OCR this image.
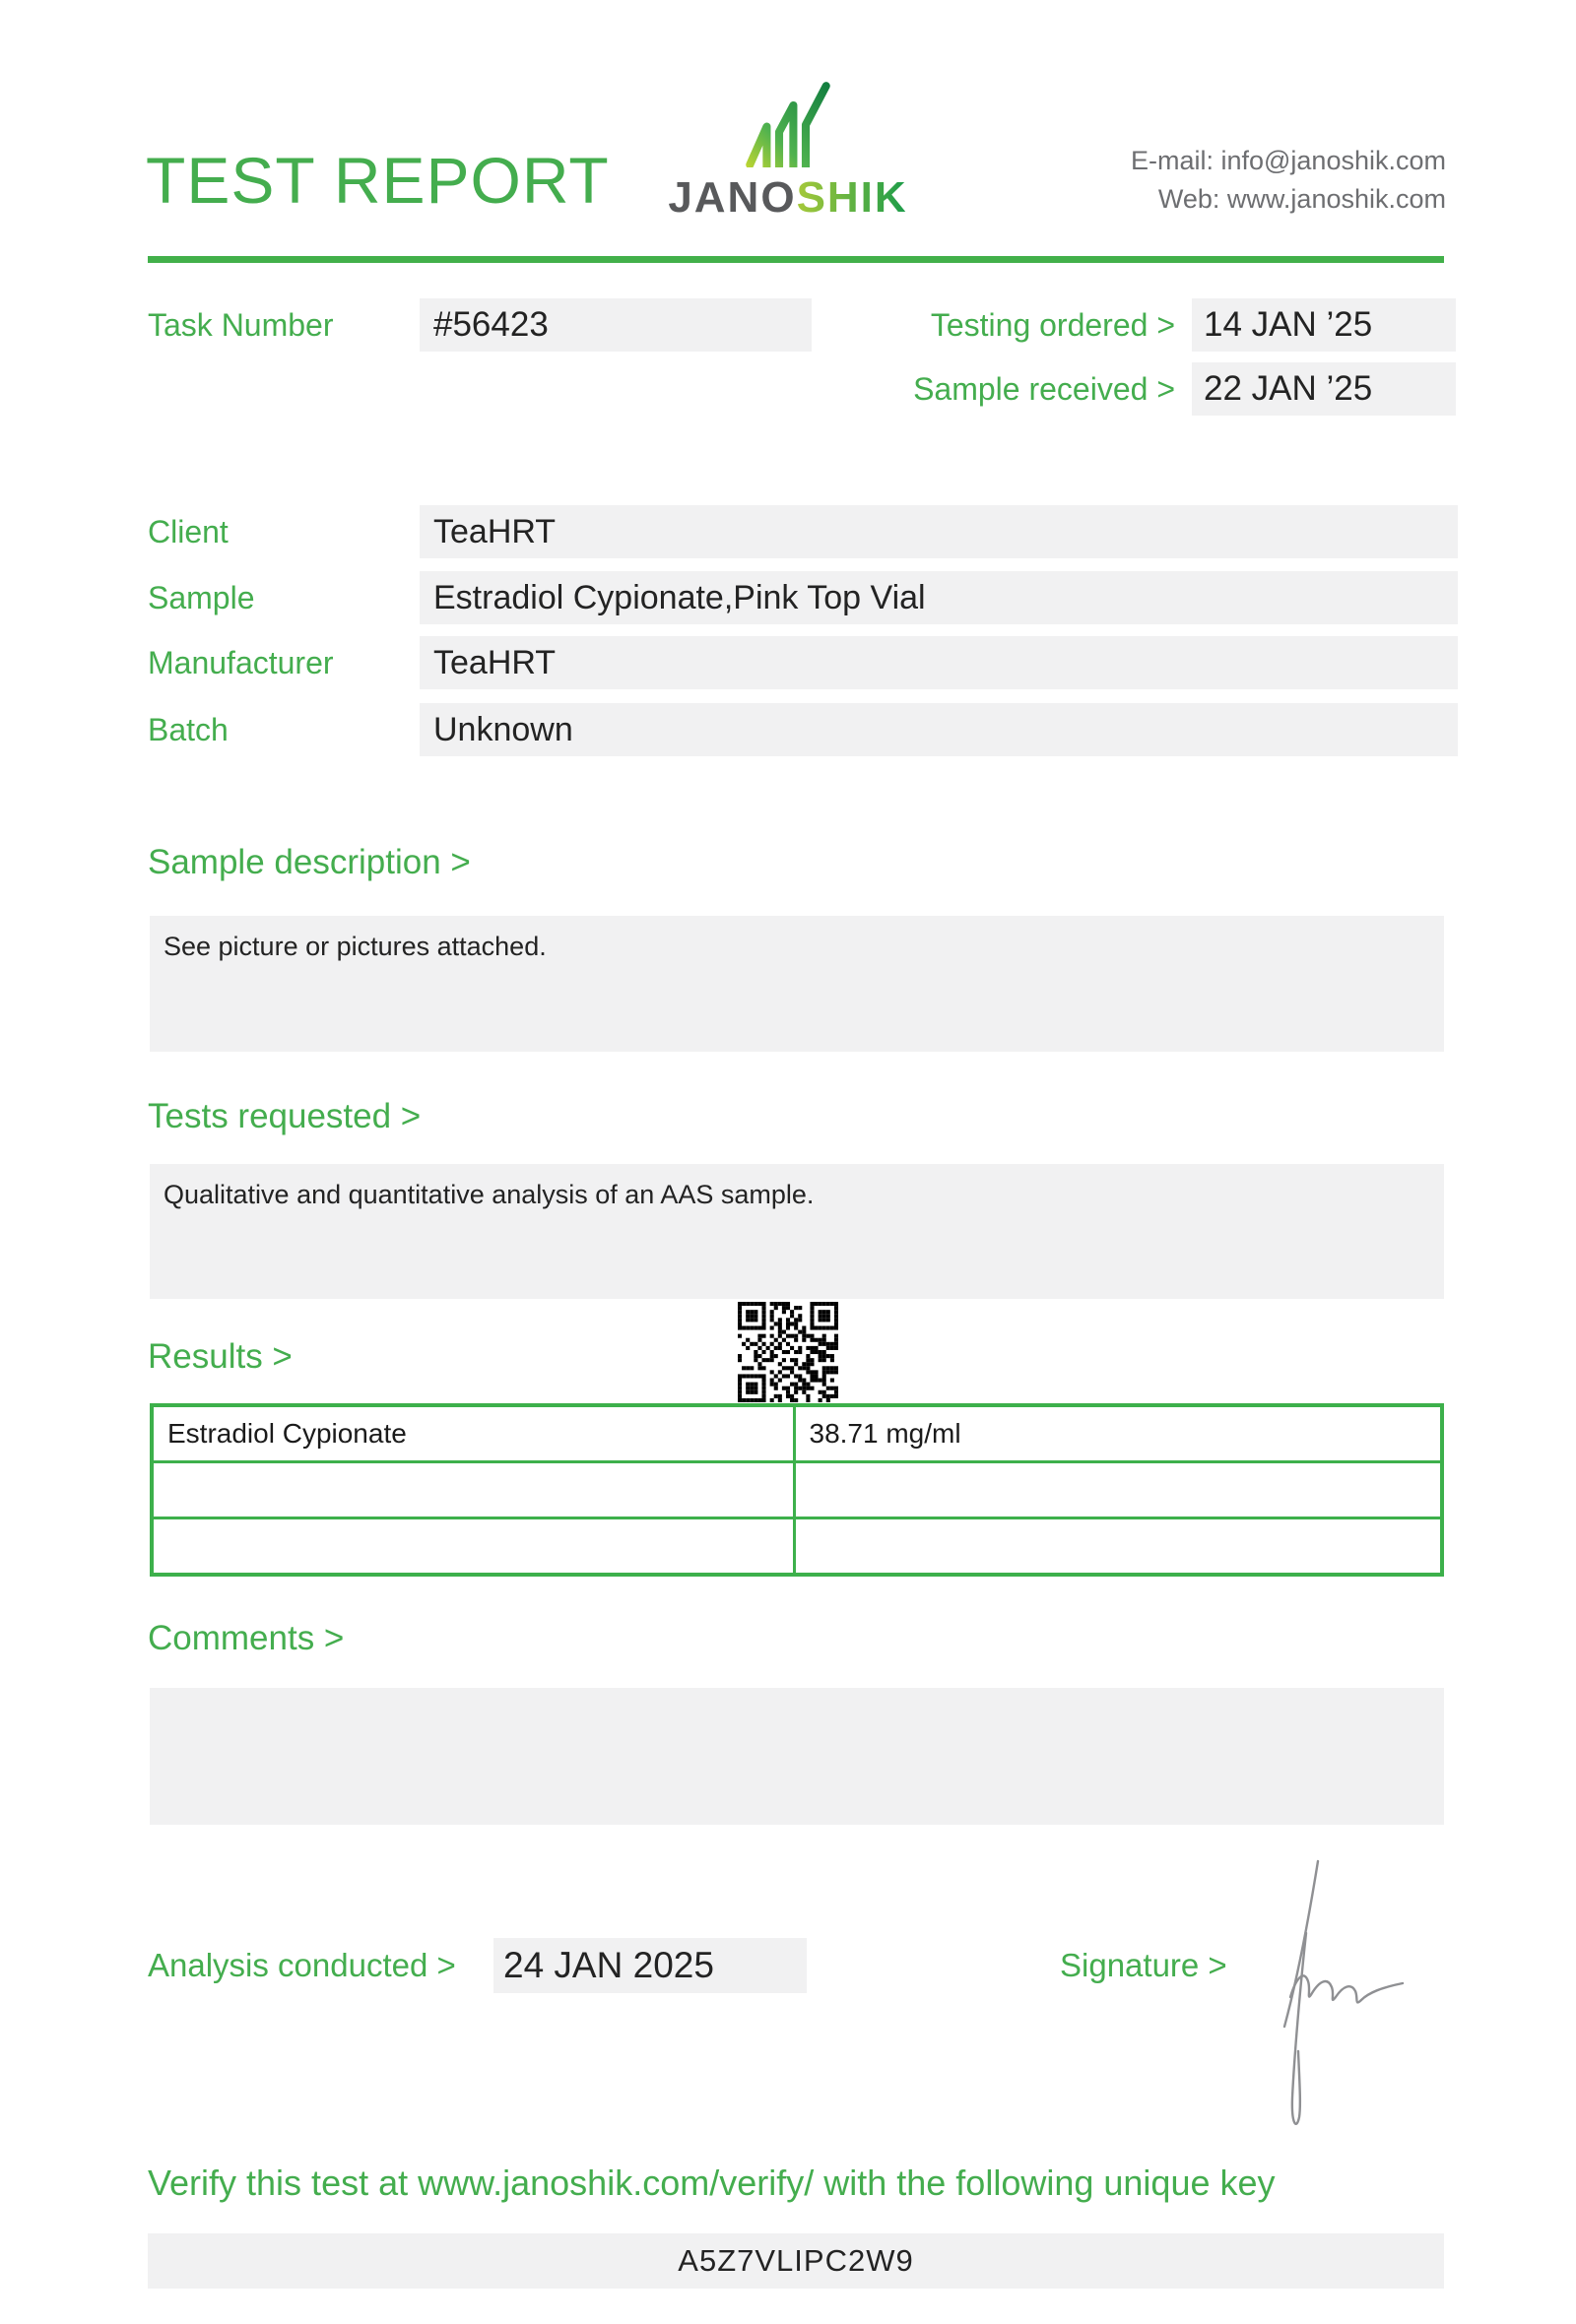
TEST REPORT	JANOSHIK
E-mail: info@janoshik.com
Web: www.janoshik.com
Task Number	#56423	Testing ordered > 14 JAN ’25
Sample received > 22 JAN ’25
Client	TeaHRT
Sample	Estradiol Cypionate,Pink Top Vial
Manufacturer	TeaHRT
Batch	Unknown
Sample description >
See picture or pictures attached.
Tests requested >
Qualitative and quantitative analysis of an AAS sample.
Results >
Estradiol Cypionate	38.71 mg/ml

Comments >
Analysis conducted > 24 JAN 2025	Signature >
Verify this test at www.janoshik.com/verify/ with the following unique key
A5Z7VLIPC2W9
